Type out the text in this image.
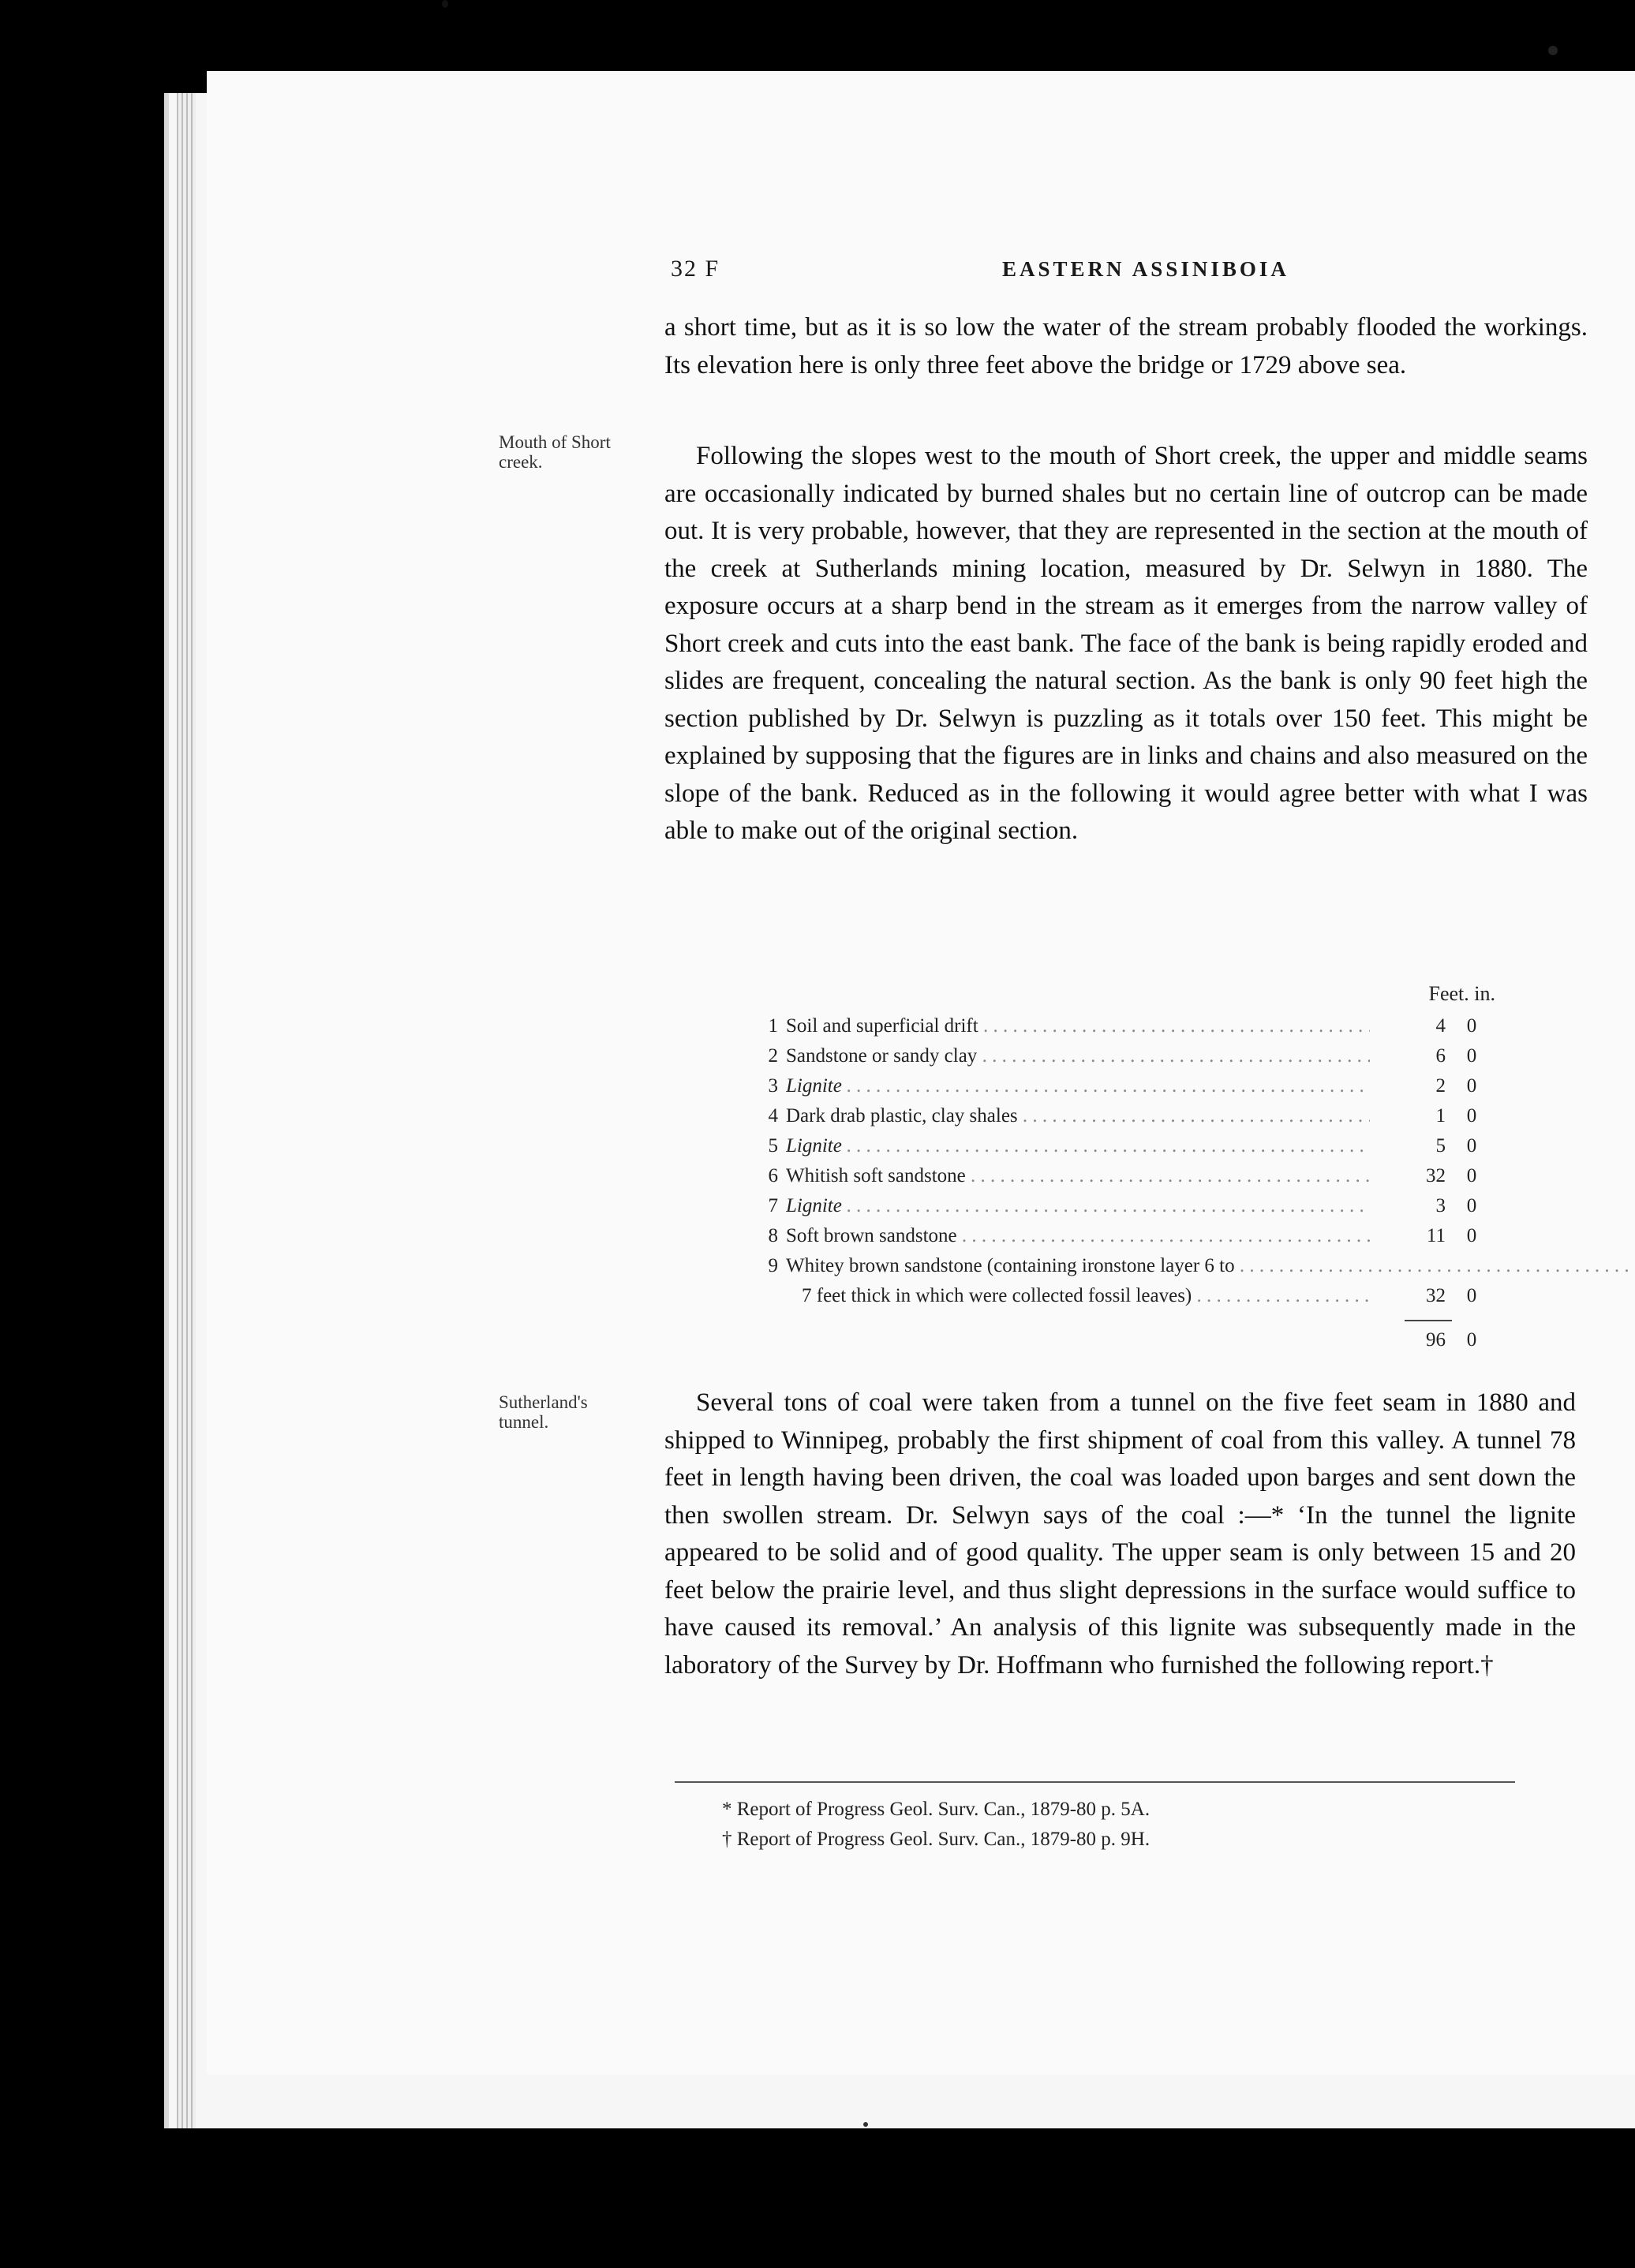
32 F	EASTERN ASSINIBOIA

a short time, but as it is so low the water of the stream probably flooded the workings. Its elevation here is only three feet above the bridge or 1729 above sea.

Mouth of Short creek.	Following the slopes west to the mouth of Short creek, the upper and middle seams are occasionally indicated by burned shales but no certain line of outcrop can be made out. It is very probable, however, that they are represented in the section at the mouth of the creek at Sutherlands mining location, measured by Dr. Selwyn in 1880. The exposure occurs at a sharp bend in the stream as it emerges from the narrow valley of Short creek and cuts into the east bank. The face of the bank is being rapidly eroded and slides are frequent, concealing the natural section. As the bank is only 90 feet high the section published by Dr. Selwyn is puzzling as it totals over 150 feet. This might be explained by supposing that the figures are in links and chains and also measured on the slope of the bank. Reduced as in the following it would agree better with what I was able to make out of the original section.

Feet. in.
1 Soil and superficial drift . . .	4	0
2 Sandstone or sandy clay . . .	6	0
3 Lignite . . .	2	0
4 Dark drab plastic, clay shales . . .	1	0
5 Lignite . . .	5	0
6 Whitish soft sandstone . . .	32	0
7 Lignite . . .	3	0
8 Soft brown sandstone . . .	11	0
9 Whitey brown sandstone (containing ironstone layer 6 to . . .
7 feet thick in which were collected fossil leaves) . . .	32	0
96	0
Sutherland's tunnel.

Several tons of coal were taken from a tunnel on the five feet seam in 1880 and shipped to Winnipeg, probably the first shipment of coal from this valley. A tunnel 78 feet in length having been driven, the coal was loaded upon barges and sent down the then swollen stream. Dr. Selwyn says of the coal :—* ‘In the tunnel the lignite appeared to be solid and of good quality. The upper seam is only between 15 and 20 feet below the prairie level, and thus slight depressions in the surface would suffice to have caused its removal.’ An analysis of this lignite was subsequently made in the laboratory of the Survey by Dr. Hoffmann who furnished the following report.†

* Report of Progress Geol. Surv. Can., 1879-80 p. 5A.
† Report of Progress Geol. Surv. Can., 1879-80 p. 9H.
